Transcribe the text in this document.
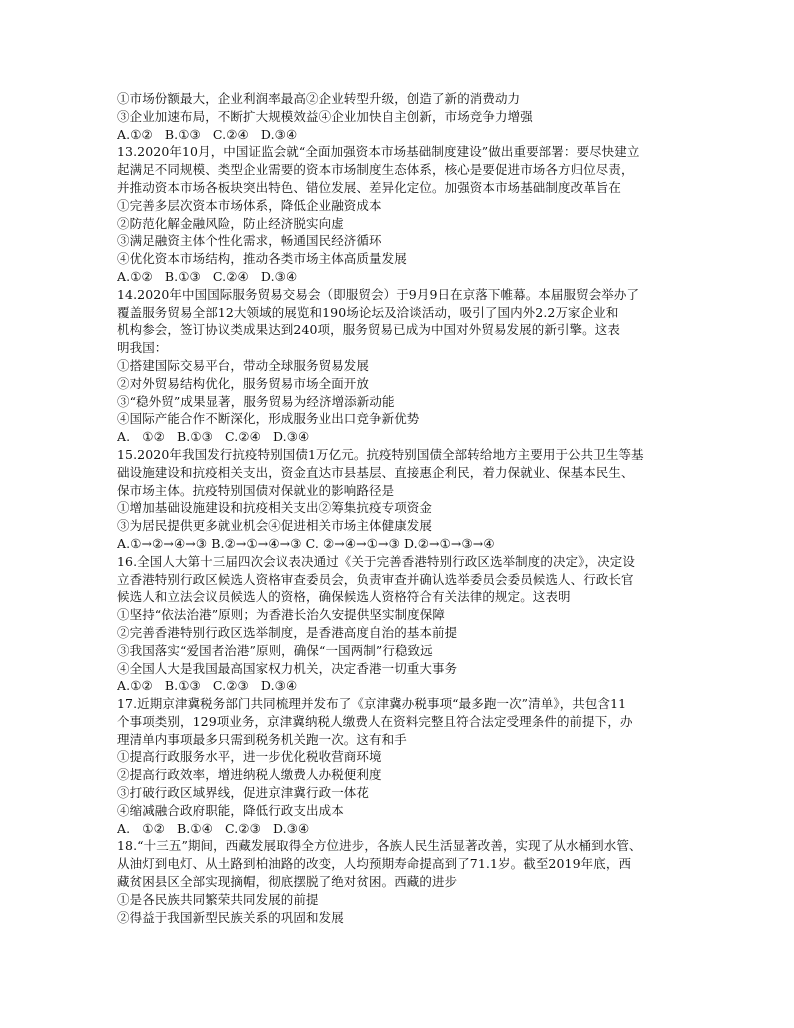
①市场份额最大，企业利润率最高②企业转型升级，创造了新的消费动力
③企业加速布局，不断扩大规模效益④企业加快自主创新，市场竞争力增强
A.①② B.①③ C.②④ D.③④
13.2020年10月，中国证监会就“全面加强资本市场基础制度建设”做出重要部署：要尽快建立
起满足不同规模、类型企业需要的资本市场制度生态体系，核心是要促进市场各方归位尽责，
并推动资本市场各板块突出特色、错位发展、差异化定位。加强资本市场基础制度改革旨在
①完善多层次资本市场体系，降低企业融资成本
②防范化解金融风险，防止经济脱实向虚
③满足融资主体个性化需求，畅通国民经济循环
④优化资本市场结构，推动各类市场主体高质量发展
A.①② B.①③ C.②④ D.③④
14.2020年中国国际服务贸易交易会（即服贸会）于9月9日在京落下帷幕。本届服贸会举办了
覆盖服务贸易全部12大领域的展览和190场论坛及洽谈活动，吸引了国内外2.2万家企业和
机构参会，签订协议类成果达到240项，服务贸易已成为中国对外贸易发展的新引擎。这表
明我国：
①搭建国际交易平台，带动全球服务贸易发展
②对外贸易结构优化，服务贸易市场全面开放
③“稳外贸”成果显著，服务贸易为经济增添新动能
④国际产能合作不断深化，形成服务业出口竞争新优势
A. ①② B.①③ C.②④ D.③④
15.2020年我国发行抗疫特别国债1万亿元。抗疫特别国债全部转给地方主要用于公共卫生等基
础设施建设和抗疫相关支出，资金直达市县基层、直接惠企利民，着力保就业、保基本民生、
保市场主体。抗疫特别国债对保就业的影响路径是
①增加基础设施建设和抗疫相关支出②筹集抗疫专项资金
③为居民提供更多就业机会④促进相关市场主体健康发展
A.①→②→④→③ B.②→①→④→③ C. ②→④→①→③ D.②→①→③→④
16.全国人大第十三届四次会议表决通过《关于完善香港特别行政区选举制度的决定》，决定设
立香港特别行政区候选人资格审查委员会，负责审查并确认选举委员会委员候选人、行政长官
候选人和立法会议员候选人的资格，确保候选人资格符合有关法律的规定。这表明
①坚持“依法治港”原则；为香港长治久安提供坚实制度保障
②完善香港特别行政区选举制度，是香港高度自治的基本前提
③我国落实“爱国者治港”原则，确保“一国两制”行稳致远
④全国人大是我国最高国家权力机关，决定香港一切重大事务
A.①② B.①③ C.②③ D.③④
17.近期京津冀税务部门共同梳理并发布了《京津冀办税事项“最多跑一次”清单》，共包含11
个事项类别，129项业务，京津冀纳税人缴费人在资料完整且符合法定受理条件的前提下，办
理清单内事项最多只需到税务机关跑一次。这有和手
①提高行政服务水平，进一步优化税收营商环境
②提高行政效率，增进纳税人缴费人办税便利度
③打破行政区域界线，促进京津冀行政一体花
④缩减融合政府职能，降低行政支出成本
A. ①② B.①④ C.②③ D.③④
18.“十三五”期间，西藏发展取得全方位进步，各族人民生活显著改善，实现了从水桶到水管、
从油灯到电灯、从土路到柏油路的改变，人均预期寿命提高到了71.1岁。截至2019年底，西
藏贫困县区全部实现摘帽，彻底摆脱了绝对贫困。西藏的进步
①是各民族共同繁荣共同发展的前提
②得益于我国新型民族关系的巩固和发展
